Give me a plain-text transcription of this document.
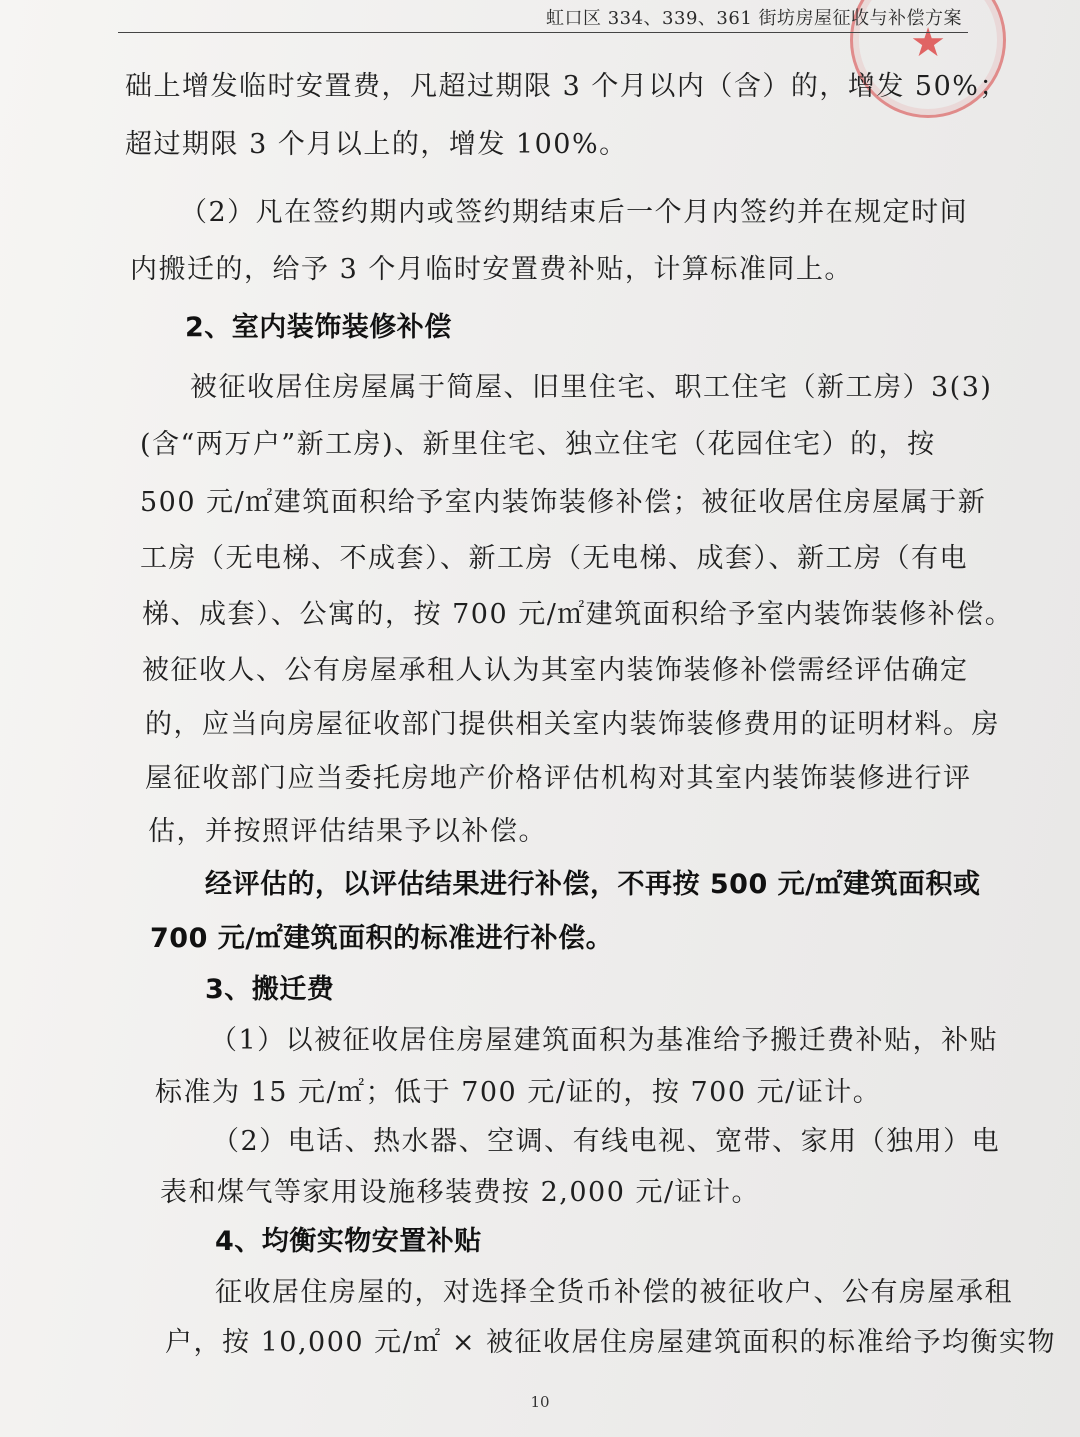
★
虹口区 334、339、361 街坊房屋征收与补偿方案
础上增发临时安置费，凡超过期限 3 个月以内（含）的，增发 50%；
超过期限 3 个月以上的，增发 100%。
（2）凡在签约期内或签约期结束后一个月内签约并在规定时间
内搬迁的，给予 3 个月临时安置费补贴，计算标准同上。
2、室内装饰装修补偿
被征收居住房屋属于简屋、旧里住宅、职工住宅（新工房）3(3)
(含“两万户”新工房)、新里住宅、独立住宅（花园住宅）的，按
500 元/㎡建筑面积给予室内装饰装修补偿；被征收居住房屋属于新
工房（无电梯、不成套）、新工房（无电梯、成套）、新工房（有电
梯、成套）、公寓的，按 700 元/㎡建筑面积给予室内装饰装修补偿。
被征收人、公有房屋承租人认为其室内装饰装修补偿需经评估确定
的，应当向房屋征收部门提供相关室内装饰装修费用的证明材料。房
屋征收部门应当委托房地产价格评估机构对其室内装饰装修进行评
估，并按照评估结果予以补偿。
经评估的，以评估结果进行补偿，不再按 500 元/㎡建筑面积或
700 元/㎡建筑面积的标准进行补偿。
3、搬迁费
（1）以被征收居住房屋建筑面积为基准给予搬迁费补贴，补贴
标准为 15 元/㎡；低于 700 元/证的，按 700 元/证计。
（2）电话、热水器、空调、有线电视、宽带、家用（独用）电
表和煤气等家用设施移装费按 2,000 元/证计。
4、均衡实物安置补贴
征收居住房屋的，对选择全货币补偿的被征收户、公有房屋承租
户，按 10,000 元/㎡ × 被征收居住房屋建筑面积的标准给予均衡实物
10
